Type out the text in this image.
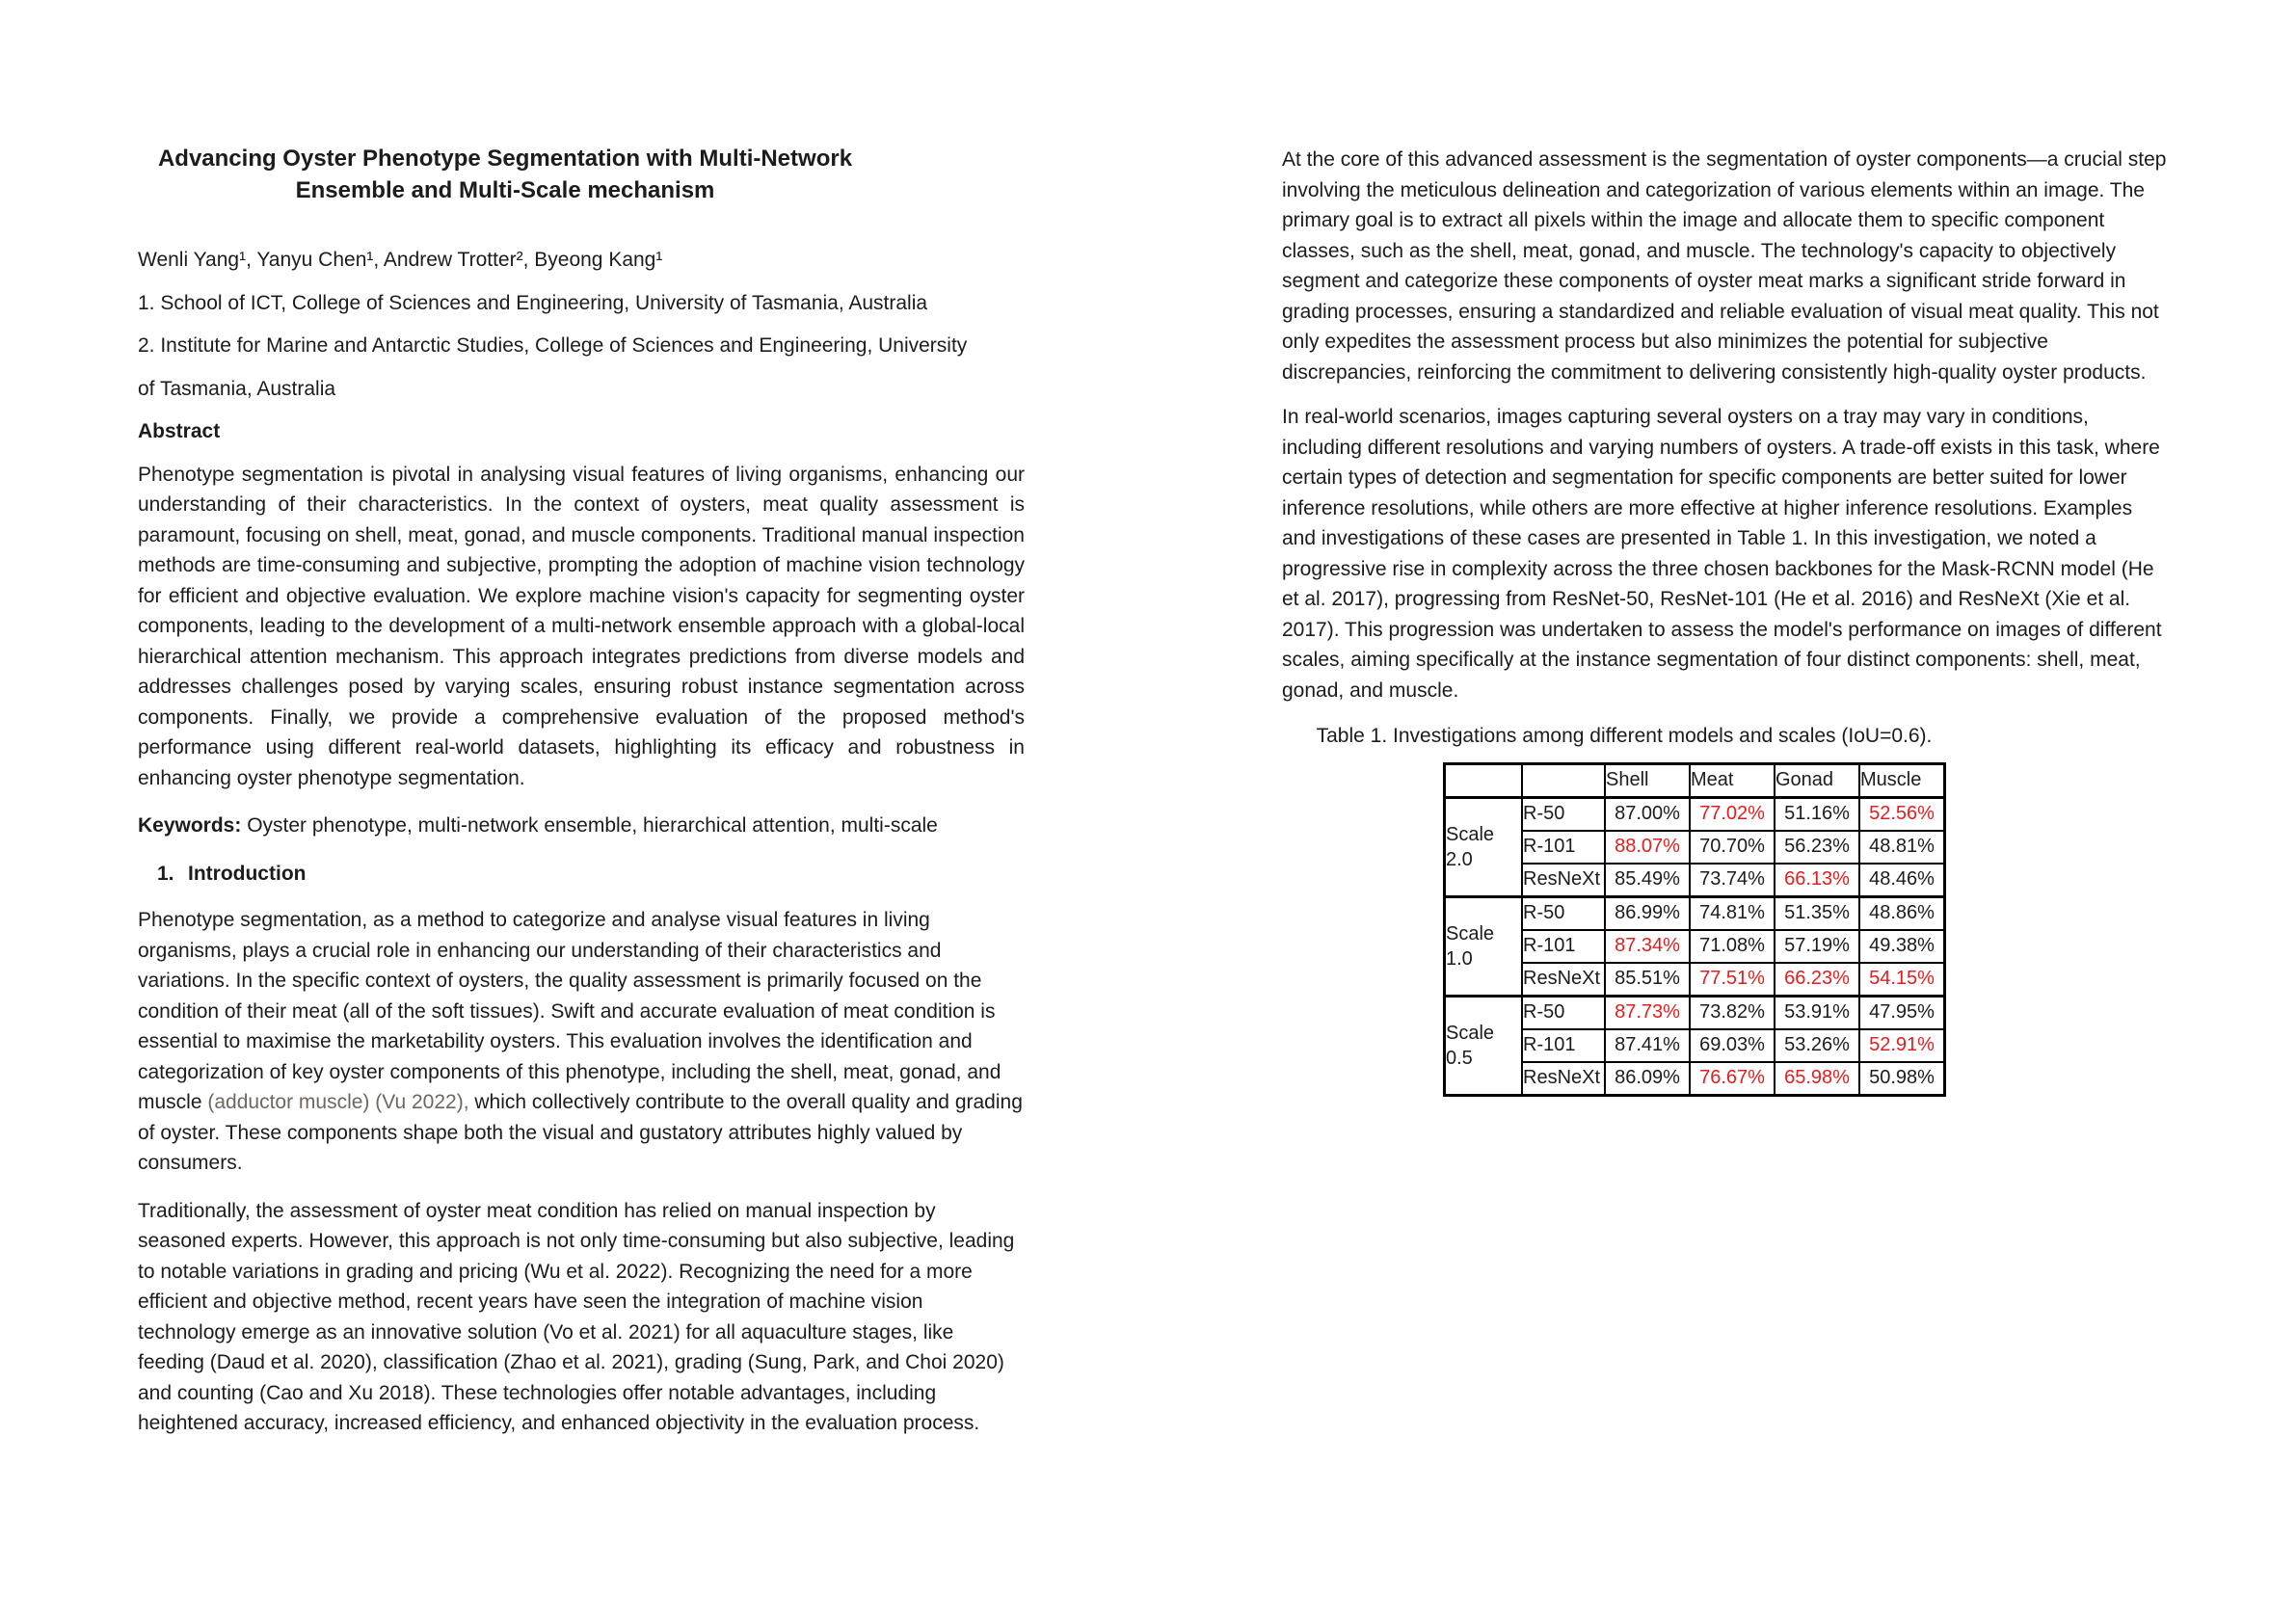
Advancing Oyster Phenotype Segmentation with Multi-Network
Ensemble and Multi-Scale mechanism

Wenli Yang¹, Yanyu Chen¹, Andrew Trotter², Byeong Kang¹

1. School of ICT, College of Sciences and Engineering, University of Tasmania, Australia

2. Institute for Marine and Antarctic Studies, College of Sciences and Engineering, University

of Tasmania, Australia

Abstract

Phenotype segmentation is pivotal in analysing visual features of living organisms, enhancing our understanding of their characteristics. In the context of oysters, meat quality assessment is paramount, focusing on shell, meat, gonad, and muscle components. Traditional manual inspection methods are time-consuming and subjective, prompting the adoption of machine vision technology for efficient and objective evaluation. We explore machine vision's capacity for segmenting oyster components, leading to the development of a multi-network ensemble approach with a global-local hierarchical attention mechanism. This approach integrates predictions from diverse models and addresses challenges posed by varying scales, ensuring robust instance segmentation across components. Finally, we provide a comprehensive evaluation of the proposed method's performance using different real-world datasets, highlighting its efficacy and robustness in enhancing oyster phenotype segmentation.

Keywords: Oyster phenotype, multi-network ensemble, hierarchical attention, multi-scale

1. Introduction

Phenotype segmentation, as a method to categorize and analyse visual features in living organisms, plays a crucial role in enhancing our understanding of their characteristics and variations. In the specific context of oysters, the quality assessment is primarily focused on the condition of their meat (all of the soft tissues). Swift and accurate evaluation of meat condition is essential to maximise the marketability oysters. This evaluation involves the identification and categorization of key oyster components of this phenotype, including the shell, meat, gonad, and muscle (adductor muscle) (Vu 2022), which collectively contribute to the overall quality and grading of oyster. These components shape both the visual and gustatory attributes highly valued by consumers.

Traditionally, the assessment of oyster meat condition has relied on manual inspection by seasoned experts. However, this approach is not only time-consuming but also subjective, leading to notable variations in grading and pricing (Wu et al. 2022). Recognizing the need for a more efficient and objective method, recent years have seen the integration of machine vision technology emerge as an innovative solution (Vo et al. 2021) for all aquaculture stages, like feeding (Daud et al. 2020), classification (Zhao et al. 2021), grading (Sung, Park, and Choi 2020) and counting (Cao and Xu 2018). These technologies offer notable advantages, including heightened accuracy, increased efficiency, and enhanced objectivity in the evaluation process.

At the core of this advanced assessment is the segmentation of oyster components—a crucial step involving the meticulous delineation and categorization of various elements within an image. The primary goal is to extract all pixels within the image and allocate them to specific component classes, such as the shell, meat, gonad, and muscle. The technology's capacity to objectively segment and categorize these components of oyster meat marks a significant stride forward in grading processes, ensuring a standardized and reliable evaluation of visual meat quality. This not only expedites the assessment process but also minimizes the potential for subjective discrepancies, reinforcing the commitment to delivering consistently high-quality oyster products.

In real-world scenarios, images capturing several oysters on a tray may vary in conditions, including different resolutions and varying numbers of oysters. A trade-off exists in this task, where certain types of detection and segmentation for specific components are better suited for lower inference resolutions, while others are more effective at higher inference resolutions. Examples and investigations of these cases are presented in Table 1. In this investigation, we noted a progressive rise in complexity across the three chosen backbones for the Mask-RCNN model (He et al. 2017), progressing from ResNet-50, ResNet-101 (He et al. 2016) and ResNeXt (Xie et al. 2017). This progression was undertaken to assess the model's performance on images of different scales, aiming specifically at the instance segmentation of four distinct components: shell, meat, gonad, and muscle.

Table 1. Investigations among different models and scales (IoU=0.6).
		Shell	Meat	Gonad	Muscle
Scale 2.0	R-50	87.00%	77.02%	51.16%	52.56%
	R-101	88.07%	70.70%	56.23%	48.81%
	ResNeXt	85.49%	73.74%	66.13%	48.46%
Scale 1.0	R-50	86.99%	74.81%	51.35%	48.86%
	R-101	87.34%	71.08%	57.19%	49.38%
	ResNeXt	85.51%	77.51%	66.23%	54.15%
Scale 0.5	R-50	87.73%	73.82%	53.91%	47.95%
	R-101	87.41%	69.03%	53.26%	52.91%
	ResNeXt	86.09%	76.67%	65.98%	50.98%
